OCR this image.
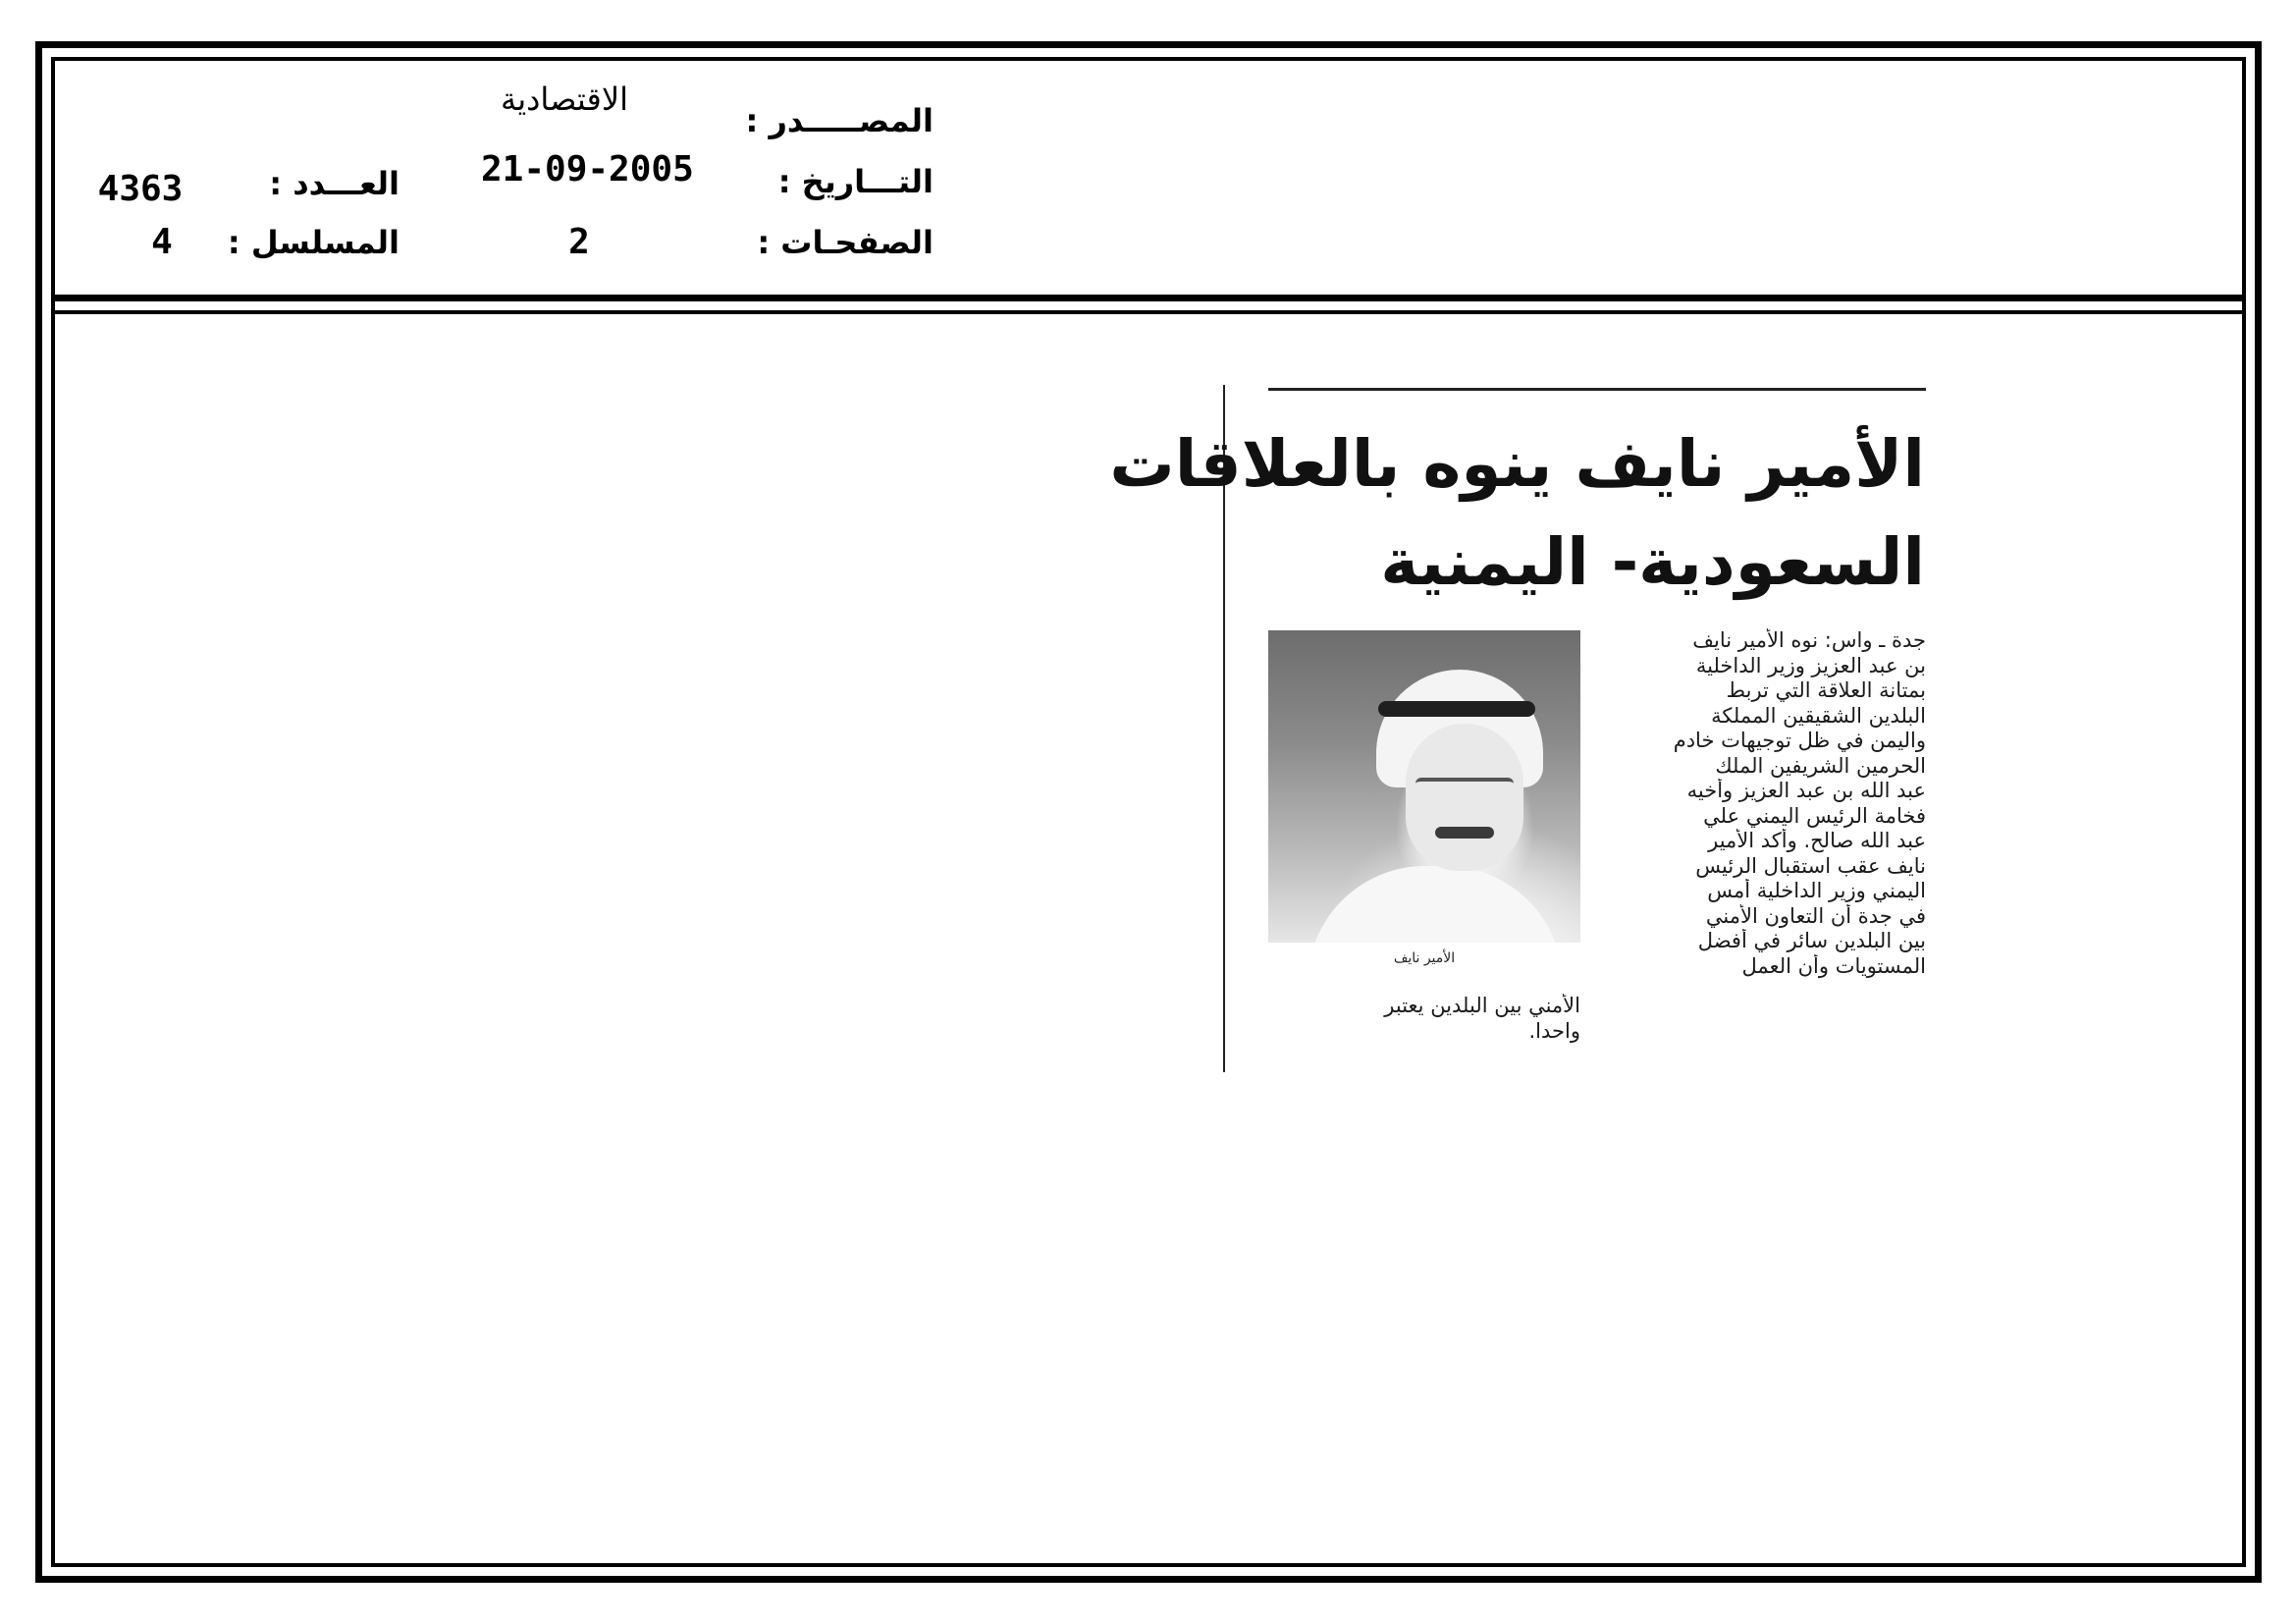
المصـــــدر :
الاقتصادية
التـــاريخ :
21-09-2005
الصفحـات :
2
العـــدد :
4363
المسلسل :
4
الأمير نايف ينوه بالعلاقات
السعودية- اليمنية
جدة ـ واس: نوه الأمير نايف
بن عبد العزيز وزير الداخلية
بمتانة العلاقة التي تربط
البلدين الشقيقين المملكة
واليمن في ظل توجيهات خادم
الحرمين الشريفين الملك
عبد الله بن عبد العزيز وأخيه
فخامة الرئيس اليمني علي
عبد الله صالح. وأكد الأمير
نايف عقب استقبال الرئيس
اليمني وزير الداخلية أمس
في جدة أن التعاون الأمني
بين البلدين سائر في أفضل
المستويات وأن العمل
الأمير نايف
الأمني بين البلدين يعتبر
واحدا.
